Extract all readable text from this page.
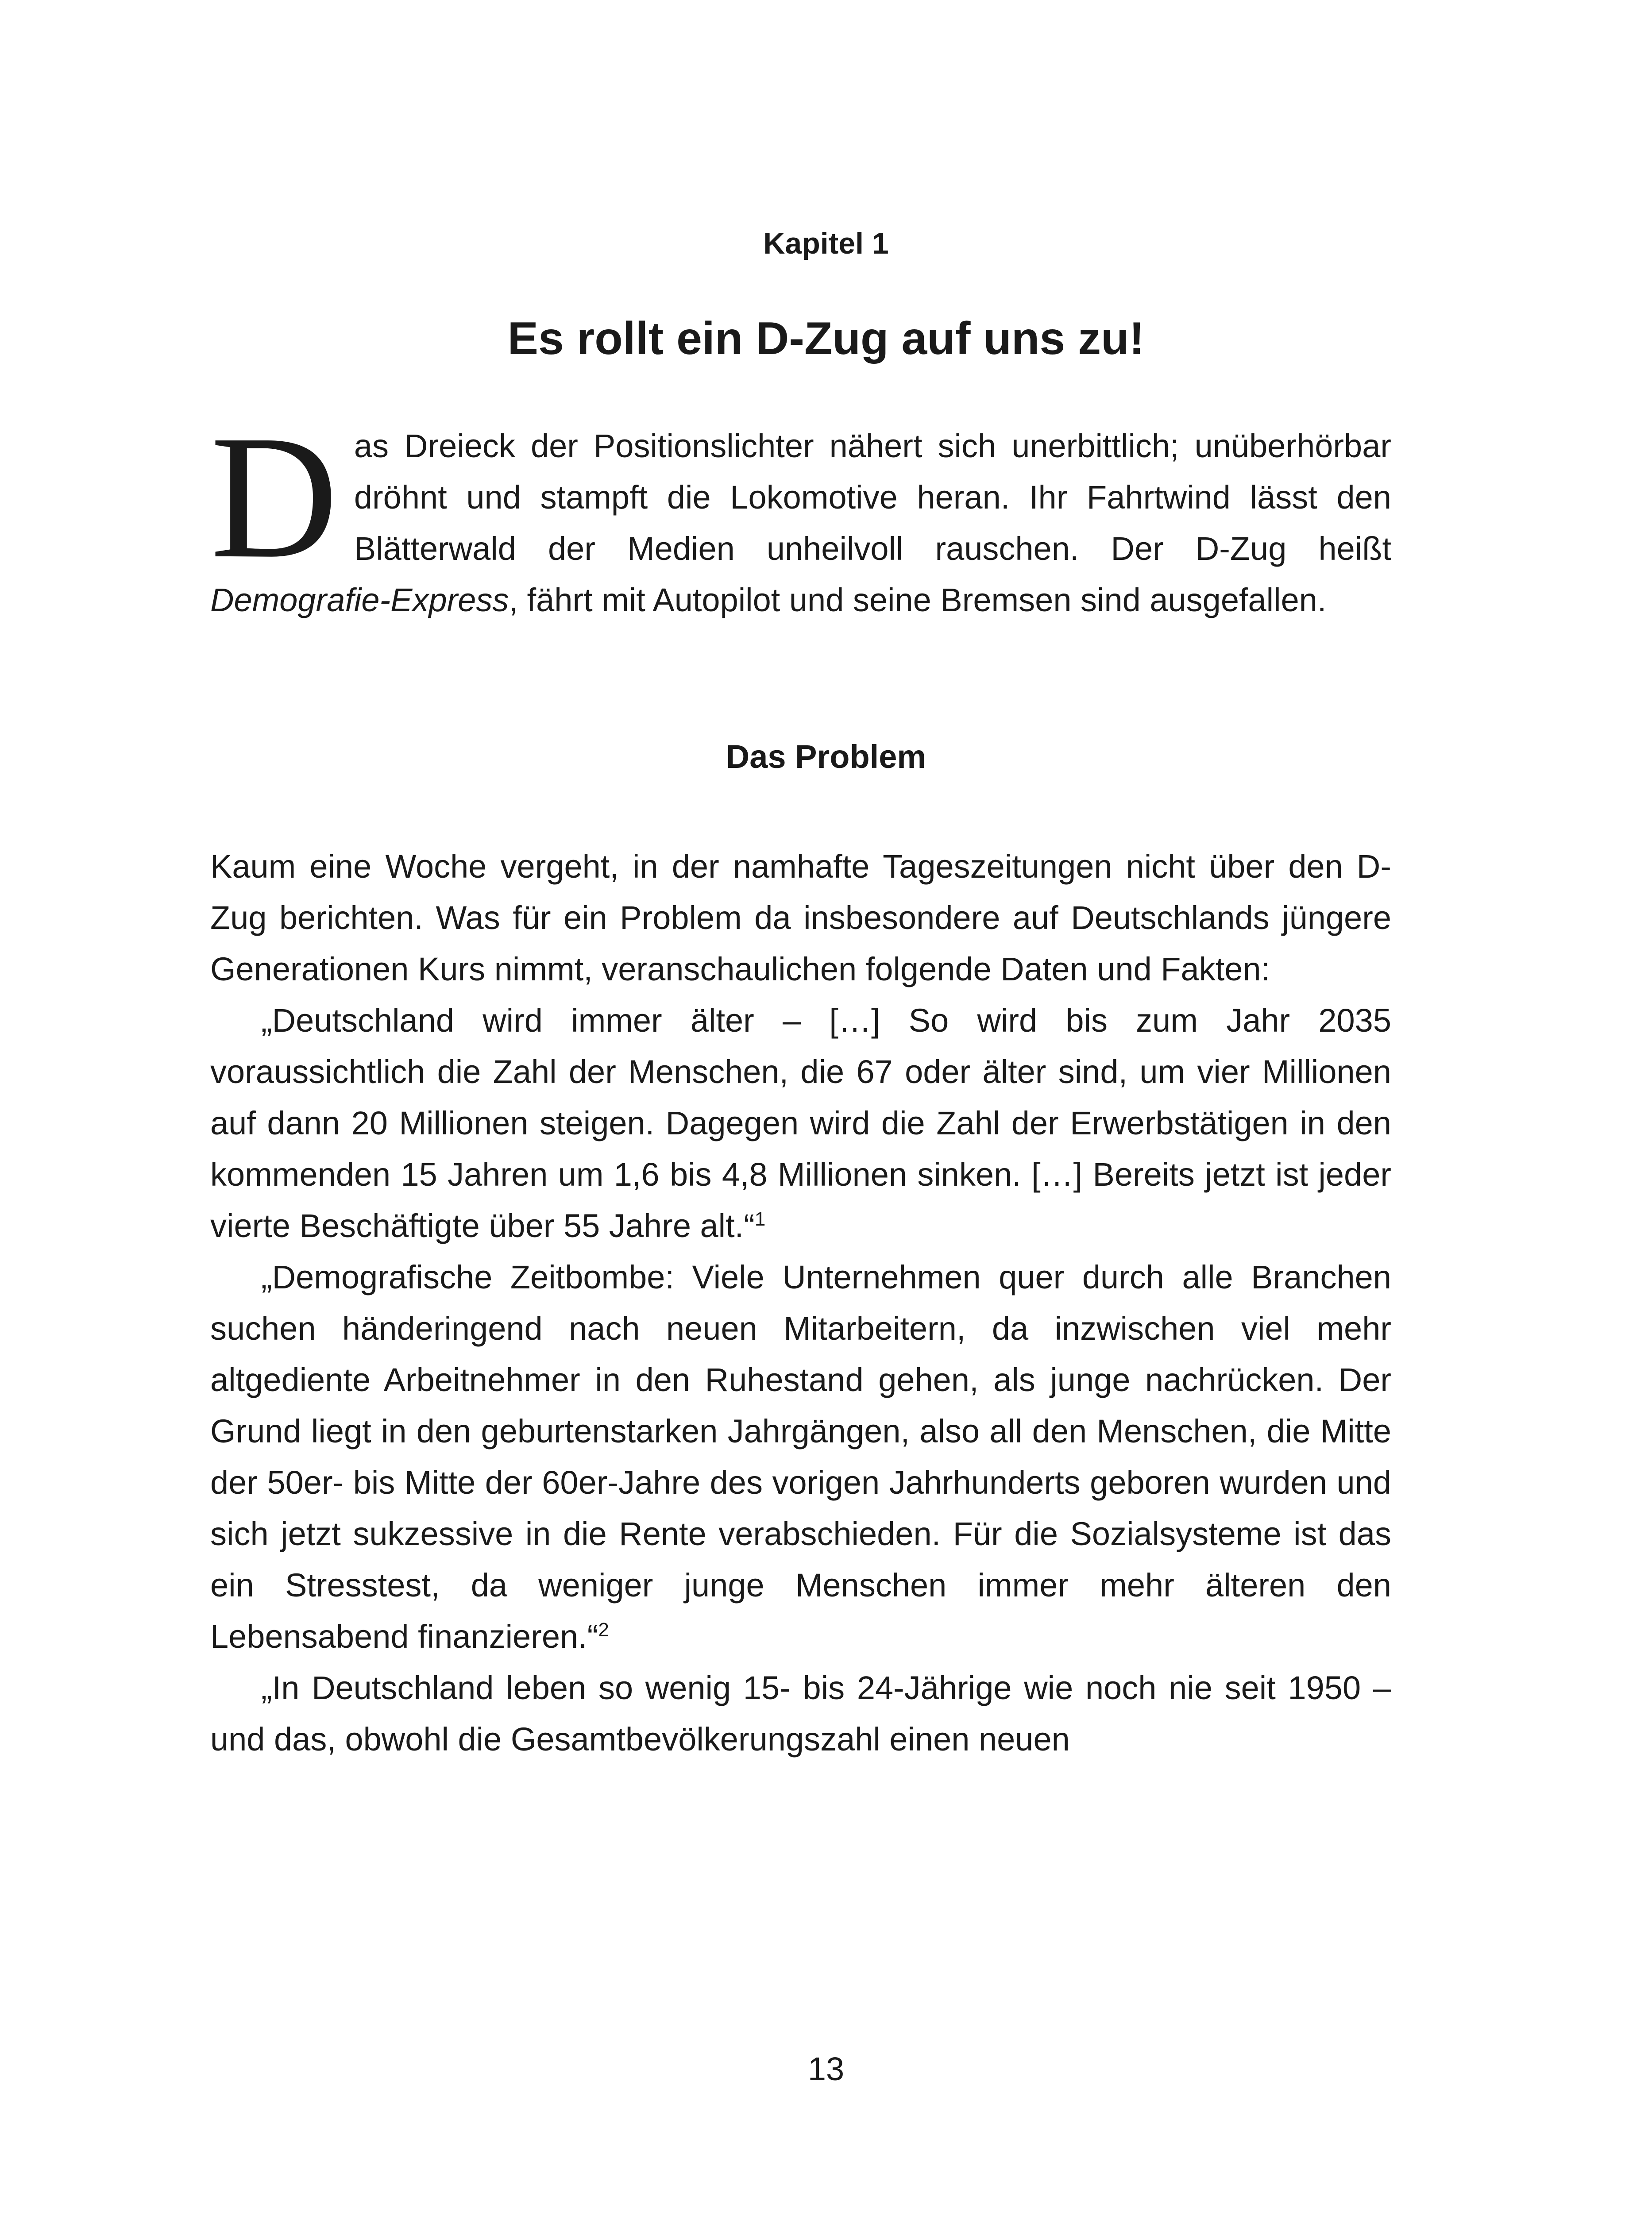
Kapitel 1
Es rollt ein D-Zug auf uns zu!
Das Dreieck der Positionslichter nähert sich unerbittlich; unüberhörbar dröhnt und stampft die Lokomotive heran. Ihr Fahrtwind lässt den Blätterwald der Medien unheilvoll rauschen. Der D-Zug heißt Demografie-Express, fährt mit Autopilot und seine Bremsen sind ausgefallen.
Das Problem

Kaum eine Woche vergeht, in der namhafte Tageszeitungen nicht über den D-Zug berichten. Was für ein Problem da insbesondere auf Deutschlands jüngere Generationen Kurs nimmt, veranschaulichen folgende Daten und Fakten:

„Deutschland wird immer älter – […] So wird bis zum Jahr 2035 voraussichtlich die Zahl der Menschen, die 67 oder älter sind, um vier Millionen auf dann 20 Millionen steigen. Dagegen wird die Zahl der Erwerbstätigen in den kommenden 15 Jahren um 1,6 bis 4,8 Millionen sinken. […] Bereits jetzt ist jeder vierte Beschäftigte über 55 Jahre alt.“$^1$

„Demografische Zeitbombe: Viele Unternehmen quer durch alle Branchen suchen händeringend nach neuen Mitarbeitern, da inzwischen viel mehr altgediente Arbeitnehmer in den Ruhestand gehen, als junge nachrücken. Der Grund liegt in den geburtenstarken Jahrgängen, also all den Menschen, die Mitte der 50er- bis Mitte der 60er-Jahre des vorigen Jahrhunderts geboren wurden und sich jetzt sukzessive in die Rente verabschieden. Für die Sozialsysteme ist das ein Stresstest, da weniger junge Menschen immer mehr älteren den Lebensabend finanzieren.“$^2$

„In Deutschland leben so wenig 15- bis 24-Jährige wie noch nie seit 1950 – und das, obwohl die Gesamtbevölkerungszahl einen neuen

13
